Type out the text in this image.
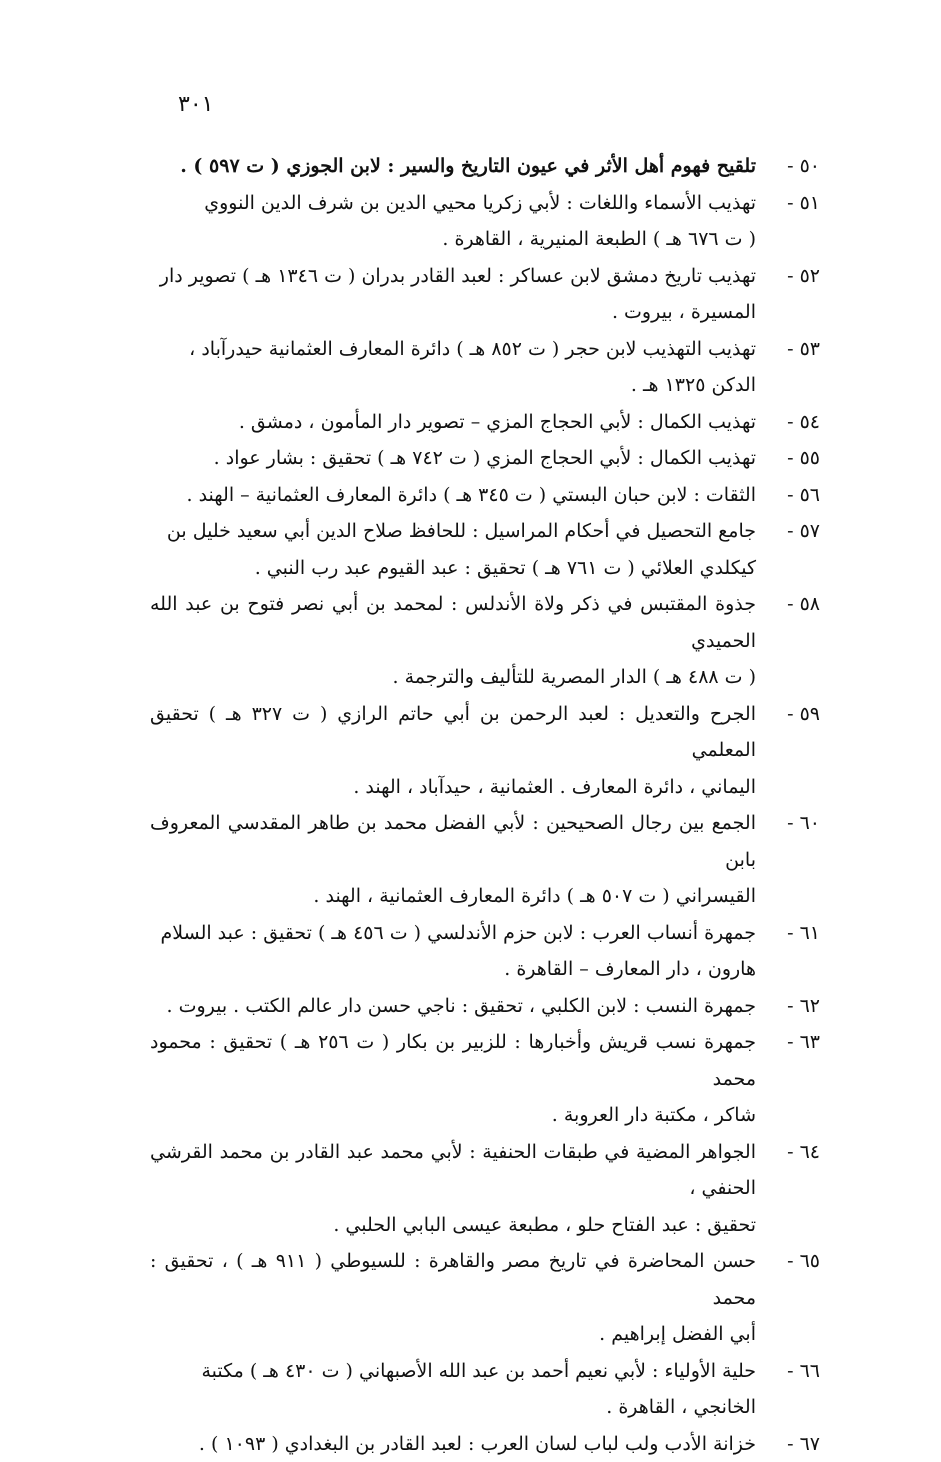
٣٠١
٥٠ -
تلقيح فهوم أهل الأثر في عيون التاريخ والسير : لابن الجوزي ( ت ٥٩٧ ) .
٥١ -
تهذيب الأسماء واللغات : لأبي زكريا محيي الدين بن شرف الدين النووي
( ت ٦٧٦ هـ ) الطبعة المنيرية ، القاهرة .
٥٢ -
تهذيب تاريخ دمشق لابن عساكر : لعبد القادر بدران ( ت ١٣٤٦ هـ ) تصوير دار
المسيرة ، بيروت .
٥٣ -
تهذيب التهذيب لابن حجر ( ت ٨٥٢ هـ ) دائرة المعارف العثمانية حيدرآباد ،
الدكن ١٣٢٥ هـ .
٥٤ -
تهذيب الكمال : لأبي الحجاج المزي – تصوير دار المأمون ، دمشق .
٥٥ -
تهذيب الكمال : لأبي الحجاج المزي ( ت ٧٤٢ هـ ) تحقيق : بشار عواد .
٥٦ -
الثقات : لابن حبان البستي ( ت ٣٤٥ هـ ) دائرة المعارف العثمانية – الهند .
٥٧ -
جامع التحصيل في أحكام المراسيل : للحافظ صلاح الدين أبي سعيد خليل بن
كيكلدي العلائي ( ت ٧٦١ هـ ) تحقيق : عبد القيوم عبد رب النبي .
٥٨ -
جذوة المقتبس في ذكر ولاة الأندلس : لمحمد بن أبي نصر فتوح بن عبد الله الحميدي
( ت ٤٨٨ هـ ) الدار المصرية للتأليف والترجمة .
٥٩ -
الجرح والتعديل : لعبد الرحمن بن أبي حاتم الرازي ( ت ٣٢٧ هـ ) تحقيق المعلمي
اليماني ، دائرة المعارف . العثمانية ، حيدآباد ، الهند .
٦٠ -
الجمع بين رجال الصحيحين : لأبي الفضل محمد بن طاهر المقدسي المعروف بابن
القيسراني ( ت ٥٠٧ هـ ) دائرة المعارف العثمانية ، الهند .
٦١ -
جمهرة أنساب العرب : لابن حزم الأندلسي ( ت ٤٥٦ هـ ) تحقيق : عبد السلام
هارون ، دار المعارف – القاهرة .
٦٢ -
جمهرة النسب : لابن الكلبي ، تحقيق : ناجي حسن دار عالم الكتب . بيروت .
٦٣ -
جمهرة نسب قريش وأخبارها : للزبير بن بكار ( ت ٢٥٦ هـ ) تحقيق : محمود محمد
شاكر ، مكتبة دار العروبة .
٦٤ -
الجواهر المضية في طبقات الحنفية : لأبي محمد عبد القادر بن محمد القرشي الحنفي ،
تحقيق : عبد الفتاح حلو ، مطبعة عيسى البابي الحلبي .
٦٥ -
حسن المحاضرة في تاريخ مصر والقاهرة : للسيوطي ( ٩١١ هـ ) ، تحقيق : محمد
أبي الفضل إبراهيم .
٦٦ -
حلية الأولياء : لأبي نعيم أحمد بن عبد الله الأصبهاني ( ت ٤٣٠ هـ ) مكتبة
الخانجي ، القاهرة .
٦٧ -
خزانة الأدب ولب لباب لسان العرب : لعبد القادر بن البغدادي ( ١٠٩٣ ) .
